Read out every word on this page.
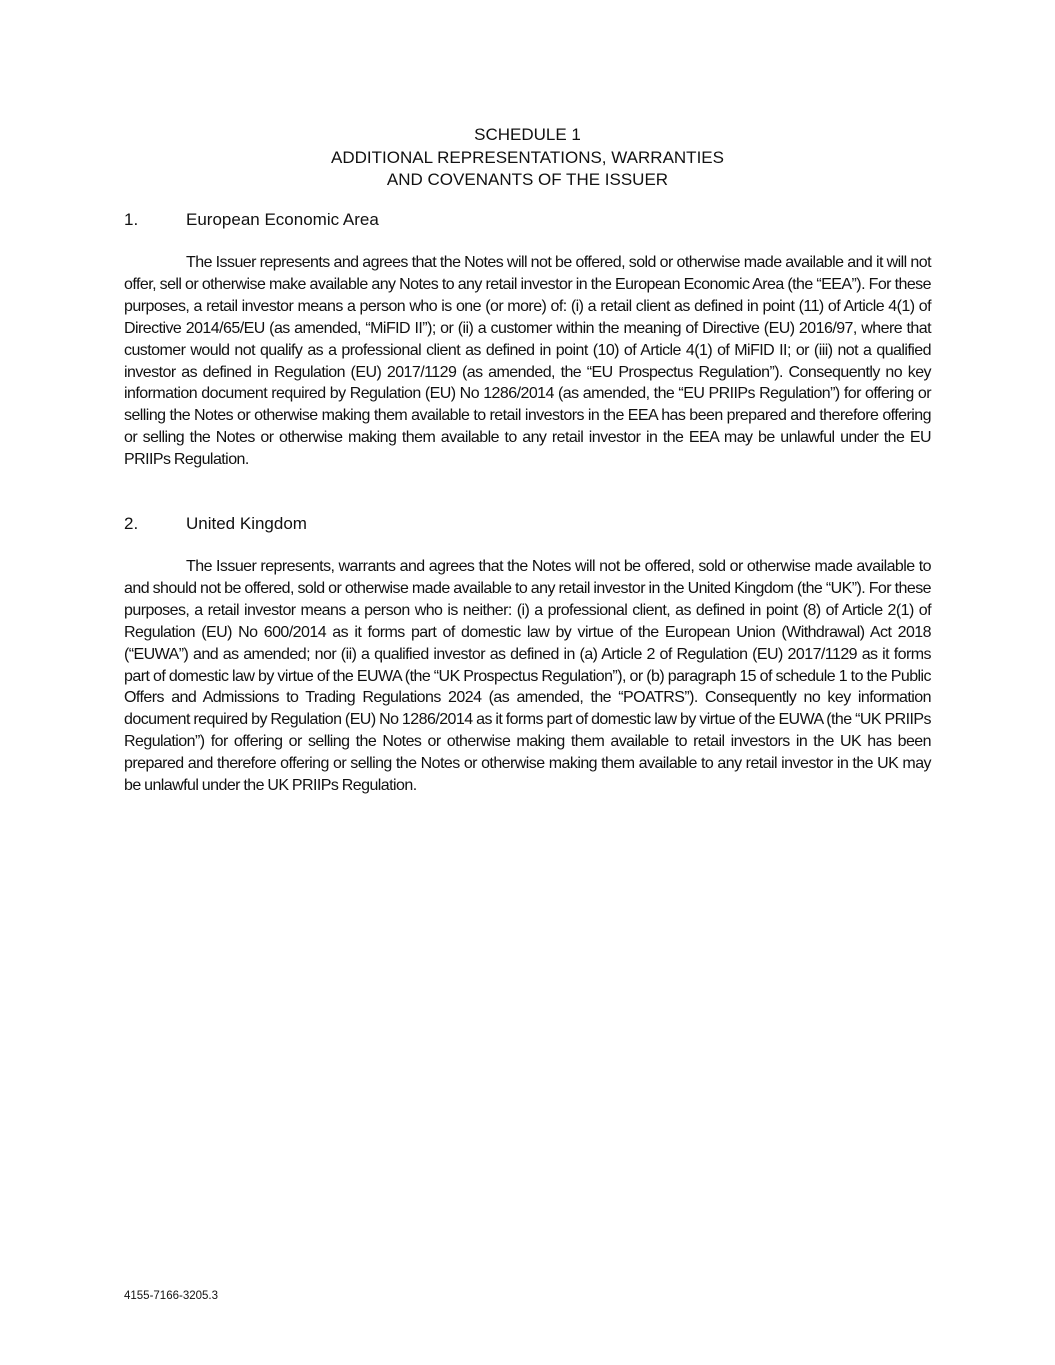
SCHEDULE 1
ADDITIONAL REPRESENTATIONS, WARRANTIES
AND COVENANTS OF THE ISSUER
1.	European Economic Area

The Issuer represents and agrees that the Notes will not be offered, sold or otherwise made available and it will not offer, sell or otherwise make available any Notes to any retail investor in the European Economic Area (the “EEA”). For these purposes, a retail investor means a person who is one (or more) of: (i) a retail client as defined in point (11) of Article 4(1) of Directive 2014/65/EU (as amended, “MiFID II”); or (ii) a customer within the meaning of Directive (EU) 2016/97, where that customer would not qualify as a professional client as defined in point (10) of Article 4(1) of MiFID II; or (iii) not a qualified investor as defined in Regulation (EU) 2017/1129 (as amended, the “EU Prospectus Regulation”). Consequently no key information document required by Regulation (EU) No 1286/2014 (as amended, the “EU PRIIPs Regulation”) for offering or selling the Notes or otherwise making them available to retail investors in the EEA has been prepared and therefore offering or selling the Notes or otherwise making them available to any retail investor in the EEA may be unlawful under the EU PRIIPs Regulation.

2.	United Kingdom

The Issuer represents, warrants and agrees that the Notes will not be offered, sold or otherwise made available to and should not be offered, sold or otherwise made available to any retail investor in the United Kingdom (the “UK”). For these purposes, a retail investor means a person who is neither: (i) a professional client, as defined in point (8) of Article 2(1) of Regulation (EU) No 600/2014 as it forms part of domestic law by virtue of the European Union (Withdrawal) Act 2018 (“EUWA”) and as amended; nor (ii) a qualified investor as defined in (a) Article 2 of Regulation (EU) 2017/1129 as it forms part of domestic law by virtue of the EUWA (the “UK Prospectus Regulation”), or (b) paragraph 15 of schedule 1 to the Public Offers and Admissions to Trading Regulations 2024 (as amended, the “POATRS”). Consequently no key information document required by Regulation (EU) No 1286/2014 as it forms part of domestic law by virtue of the EUWA (the “UK PRIIPs Regulation”) for offering or selling the Notes or otherwise making them available to retail investors in the UK has been prepared and therefore offering or selling the Notes or otherwise making them available to any retail investor in the UK may be unlawful under the UK PRIIPs Regulation.

4155-7166-3205.3
